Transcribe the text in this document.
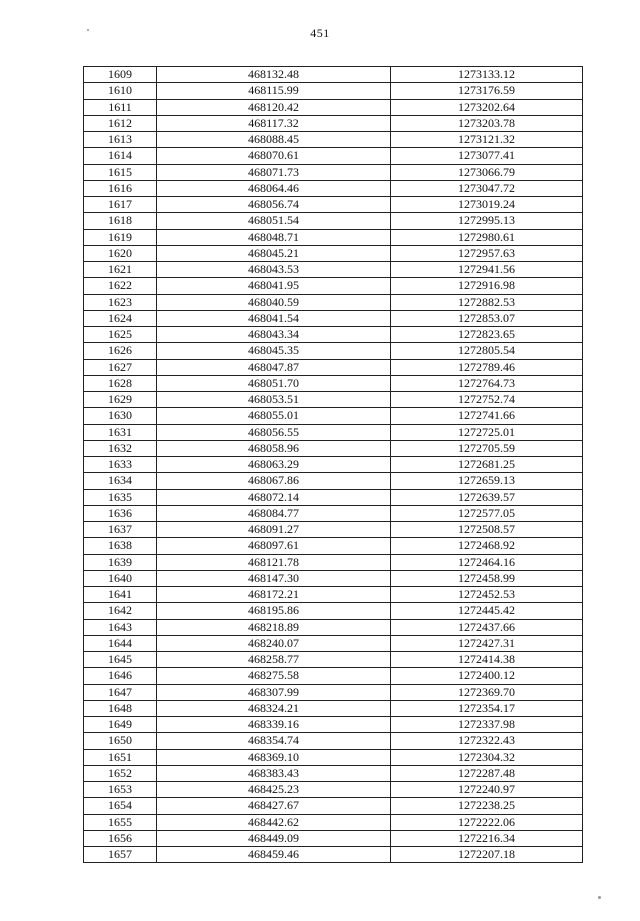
451
1609	468132.48	1273133.12
1610	468115.99	1273176.59
1611	468120.42	1273202.64
1612	468117.32	1273203.78
1613	468088.45	1273121.32
1614	468070.61	1273077.41
1615	468071.73	1273066.79
1616	468064.46	1273047.72
1617	468056.74	1273019.24
1618	468051.54	1272995.13
1619	468048.71	1272980.61
1620	468045.21	1272957.63
1621	468043.53	1272941.56
1622	468041.95	1272916.98
1623	468040.59	1272882.53
1624	468041.54	1272853.07
1625	468043.34	1272823.65
1626	468045.35	1272805.54
1627	468047.87	1272789.46
1628	468051.70	1272764.73
1629	468053.51	1272752.74
1630	468055.01	1272741.66
1631	468056.55	1272725.01
1632	468058.96	1272705.59
1633	468063.29	1272681.25
1634	468067.86	1272659.13
1635	468072.14	1272639.57
1636	468084.77	1272577.05
1637	468091.27	1272508.57
1638	468097.61	1272468.92
1639	468121.78	1272464.16
1640	468147.30	1272458.99
1641	468172.21	1272452.53
1642	468195.86	1272445.42
1643	468218.89	1272437.66
1644	468240.07	1272427.31
1645	468258.77	1272414.38
1646	468275.58	1272400.12
1647	468307.99	1272369.70
1648	468324.21	1272354.17
1649	468339.16	1272337.98
1650	468354.74	1272322.43
1651	468369.10	1272304.32
1652	468383.43	1272287.48
1653	468425.23	1272240.97
1654	468427.67	1272238.25
1655	468442.62	1272222.06
1656	468449.09	1272216.34
1657	468459.46	1272207.18
